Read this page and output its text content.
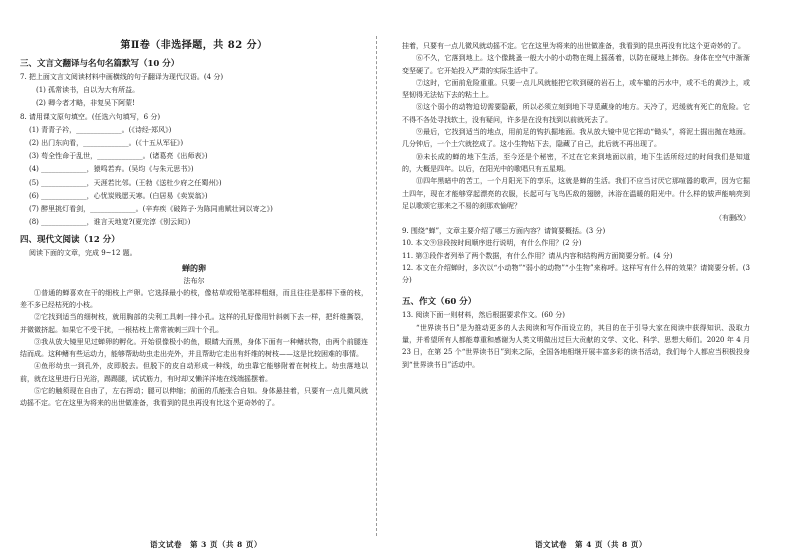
第Ⅱ卷（非选择题，共 82 分）
三、文言文翻译与名句名篇默写（10 分）
7. 把上面文言文阅读材料中画横线的句子翻译为现代汉语。(4 分)
(1) 孤常读书，自以为大有所益。
(2) 卿今者才略，非复吴下阿蒙!
8. 请用课文原句填空。(任选六句填写，6 分)
(1) 青青子衿，_____________。(《诗经·郑风》)
(2) 出门东向看，_____________。(《十五从军征》)
(3) 苟全性命于乱世，_____________。(诸葛亮《出师表》)
(4) _____________，猿鸣若弃。(吴均《与朱元思书》)
(5) _____________，天涯若比邻。(王勃《送杜少府之任蜀州》)
(6) _____________，心忧炭贱愿天寒。(白居易《卖炭翁》)
(7) 醉里挑灯看剑，_____________。(辛弃疾《破阵子·为陈同甫赋壮词以寄之》)
(8) _____________，谁言天地宽?(夏完淳《别云间》)
四、现代文阅读（12 分）
阅读下面的文章，完成 9~12 题。
蝉的卵
法布尔

①普通的蝉喜欢在干的细枝上产卵。它选择最小的枝，像枯草或铅笔那样粗细，而且往往是那样下垂的枝，差不多已经枯死的小枝。

②它找到适当的细树枝，就用胸部的尖利工具刺一排小孔。这样的孔好像用针斜刺下去一样，把纤维撕裂，并微微挤起。如果它不受干扰，一根枯枝上常常被刺三四十个孔。

③我从放大镜里见过蝉卵的孵化。开始很像极小的鱼，眼睛大而黑，身体下面有一种鳍状物，由两个前腿连结而成。这种鳍有些运动力，能够帮助幼虫走出壳外，并且帮助它走出有纤维的树枝——这是比较困难的事情。

④鱼形幼虫一到孔外，皮即脱去。但脱下的皮自动形成一种线，幼虫靠它能够附着在树枝上。幼虫落地以前，就在这里进行日光浴，踢踢腿，试试筋力，有时却又懒洋洋地在线端摇摆着。

⑤它的触须现在自由了，左右挥动；腿可以伸缩；前面的爪能张合自如。身体悬挂着，只要有一点儿微风就动摇不定。它在这里为将来的出世做准备，我看到的昆虫再没有比这个更奇妙的了。

挂着，只要有一点儿微风就动摇不定。它在这里为将来的出世做准备，我看到的昆虫再没有比这个更奇妙的了。

⑥不久，它落到地上。这个像跳蚤一般大小的小动物在绳上摇荡着，以防在硬地上摔伤。身体在空气中渐渐变坚硬了。它开始投入严肃的实际生活中了。

⑦这时，它面前危险重重。只要一点儿风就能把它吹到硬的岩石上，或车辙的污水中，或不毛的黄沙上，或坚韧得无法钻下去的粘土上。

⑧这个弱小的动物迫切需要隐蔽，所以必须立刻到地下寻觅藏身的地方。天冷了，迟缓就有死亡的危险。它不得不各处寻找软土，没有疑问，许多是在没有找到以前就死去了。

⑨最后，它找到适当的地点，用前足的钩扒掘地面。我从放大镜中见它挥动“锄头”，将泥土掘出抛在地面。几分钟后，一个土穴就挖成了。这小生物钻下去，隐藏了自己，此后就不再出现了。

⑩未长成的蝉的地下生活，至今还是个秘密，不过在它来到地面以前，地下生活所经过的时间我们是知道的，大概是四年。以后，在阳光中的歌唱只有五星期。

⑪四年黑暗中的苦工，一个月阳光下的享乐，这就是蝉的生活。我们不应当讨厌它那喧嚣的歌声，因为它掘土四年，现在才能够穿起漂亮的衣服，长起可与飞鸟匹敌的翅膀，沐浴在温暖的阳光中。什么样的钹声能响亮到足以歌颂它那来之不易的刹那欢愉呢？

（有删改）

9. 围绕“蝉”，文章主要介绍了哪三方面内容？请简要概括。(3 分)

10. 本文⑨⑩段按时间顺序进行说明，有什么作用？(2 分)

11. 第③段作者列举了两个数据，有什么作用？请从内容和结构两方面简要分析。(4 分)

12. 本文在介绍蝉时，多次以“小动物”“弱小的动物”“小生物”来称呼。这样写有什么样的效果？请简要分析。(3 分)

五、作文（60 分）
13. 阅读下面一则材料，然后根据要求作文。(60 分)

“世界读书日”是为推动更多的人去阅读和写作而设立的，其目的在于引导大家在阅读中获得知识、汲取力量，并希望所有人都能尊重和感谢为人类文明做出过巨大贡献的文学、文化、科学、思想大师们。2020 年 4 月 23 日，在第 25 个“世界读书日”到来之际，全国各地相继开展丰富多彩的读书活动，我们每个人都应当积极投身到“世界读书日”活动中。

语文试卷　第 3 页（共 8 页）	语文试卷　第 4 页（共 8 页）
